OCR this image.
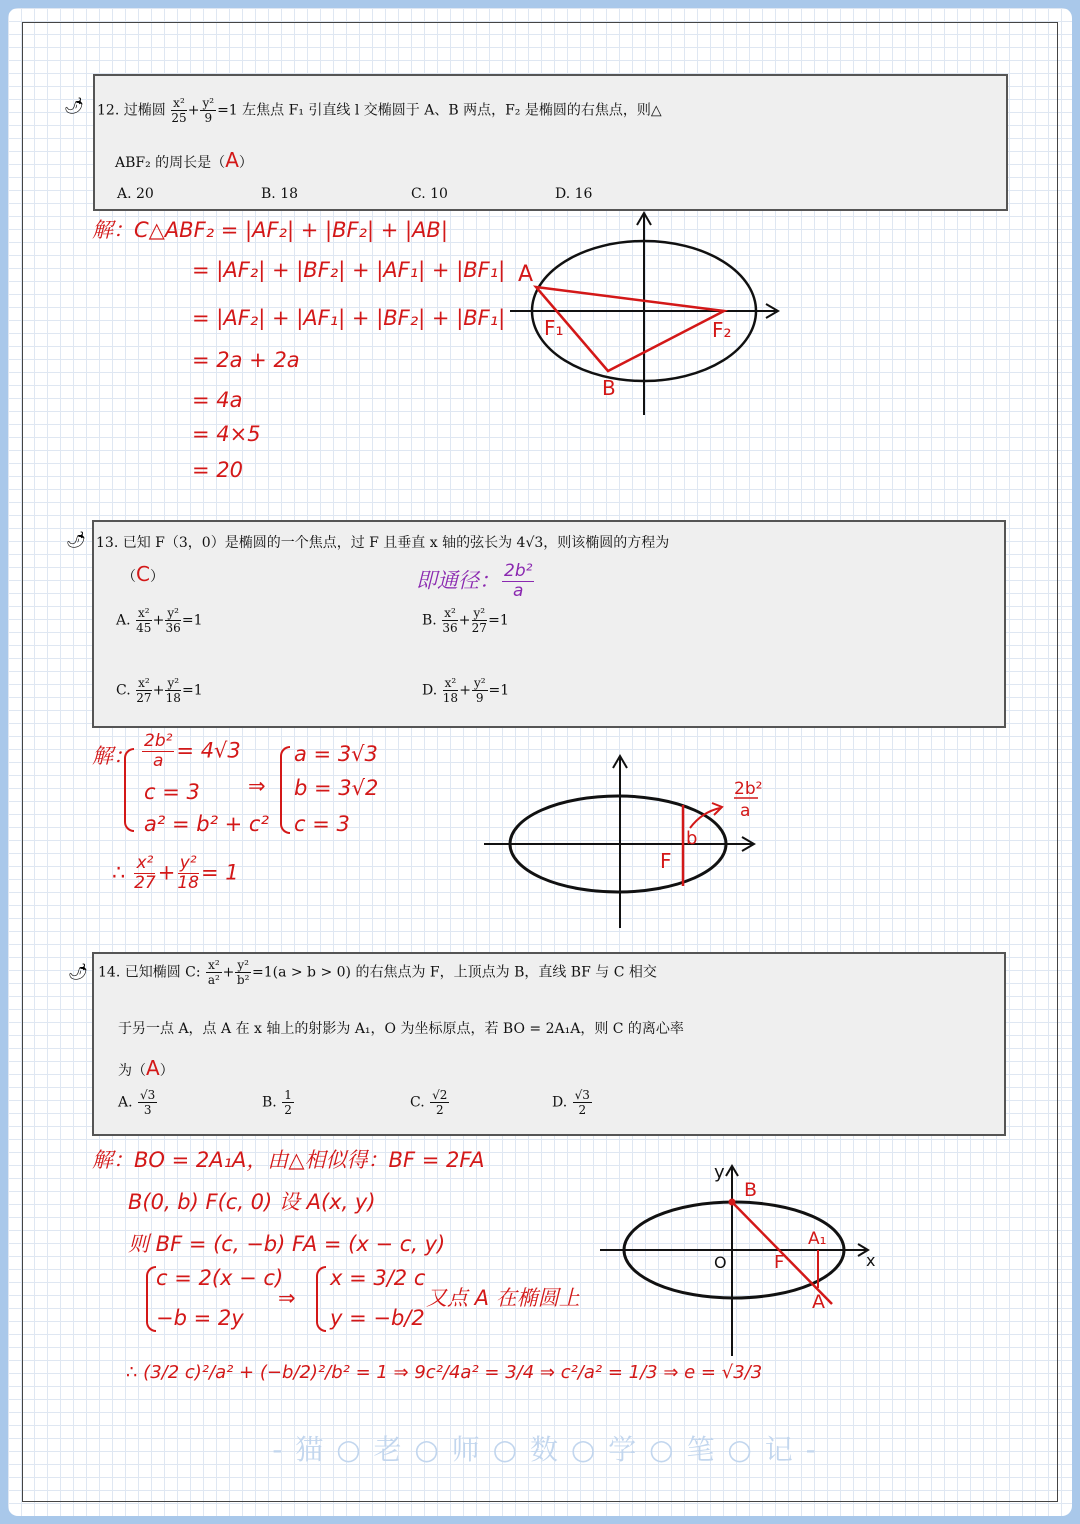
🌶 12. 过椭圆 $\frac{\text{x²}}{25} + \frac{\text{y²}}{9} =1$ 左焦点 F₁ 引直线 l 交椭圆于 A、B 两点，F₂ 是椭圆的右焦点，则△
ABF₂ 的周长是（A）
A. 20	B. 18	C. 10	D. 16
解：C△ABF₂ = |AF₂| + |BF₂| + |AB|
= |AF₂| + |BF₂| + |AF₁| + |BF₁|
= |AF₂| + |AF₁| + |BF₂| + |BF₁|
= 2a + 2a
= 4a
= 4×5
= 20
A
B
F₁	F₂
🌶 13. 已知 F（3，0）是椭圆的一个焦点，过 F 且垂直 x 轴的弦长为 4√3，则该椭圆的方程为
（C）	即通径： $\frac{\text{2b²}}{a}$
A. $\frac{\text{x²}}{45} + \frac{\text{y²}}{36} =1$	B. $\frac{\text{x²}}{36} + \frac{\text{y²}}{27} =1$
C. $\frac{\text{x²}}{27} + \frac{\text{y²}}{18} =1$	D. $\frac{\text{x²}}{18} + \frac{\text{y²}}{9} =1$
解： $\frac{\text{2b²}}{a} = 4√3$
c = 3
a² = b² + c²
⇒
a = 3√3
b = 3√2
c = 3
∴ $\frac{\text{x²}}{27} + \frac{\text{y²}}{18} = 1$
b
F
2b²
a
🌶 14. 已知椭圆 C: $\frac{\text{x²}}{\text{a²}} + \frac{\text{y²}}{\text{b²}} =1(a > b > 0)$ 的右焦点为 F，上顶点为 B，直线 BF 与 C 相交
于另一点 A，点 A 在 x 轴上的射影为 A₁，O 为坐标原点，若 BO = 2A₁A，则 C 的离心率
为（A）
A. $\frac{√3}{3}$	B. $\frac{1}{2}$	C. $\frac{√2}{2}$	D. $\frac{√3}{2}$
解：BO = 2A₁A，由△相似得：BF = 2FA
B(0, b) F(c, 0) 设 A(x, y)
则 BF = (c, −b) FA = (x − c, y)
c = 2(x − c)
−b = 2y
⇒
x = 3/2 c
y = −b/2
又点 A 在椭圆上
∴ (3/2 c)²/a² + (−b/2)²/b² = 1 ⇒ 9c²/4a² = 3/4 ⇒ c²/a² = 1/3 ⇒ e = √3/3
y
x
B
O	F
A₁
A
- 猫 ○ 老 ○ 师 ○ 数 ○ 学 ○ 笔 ○ 记 -
